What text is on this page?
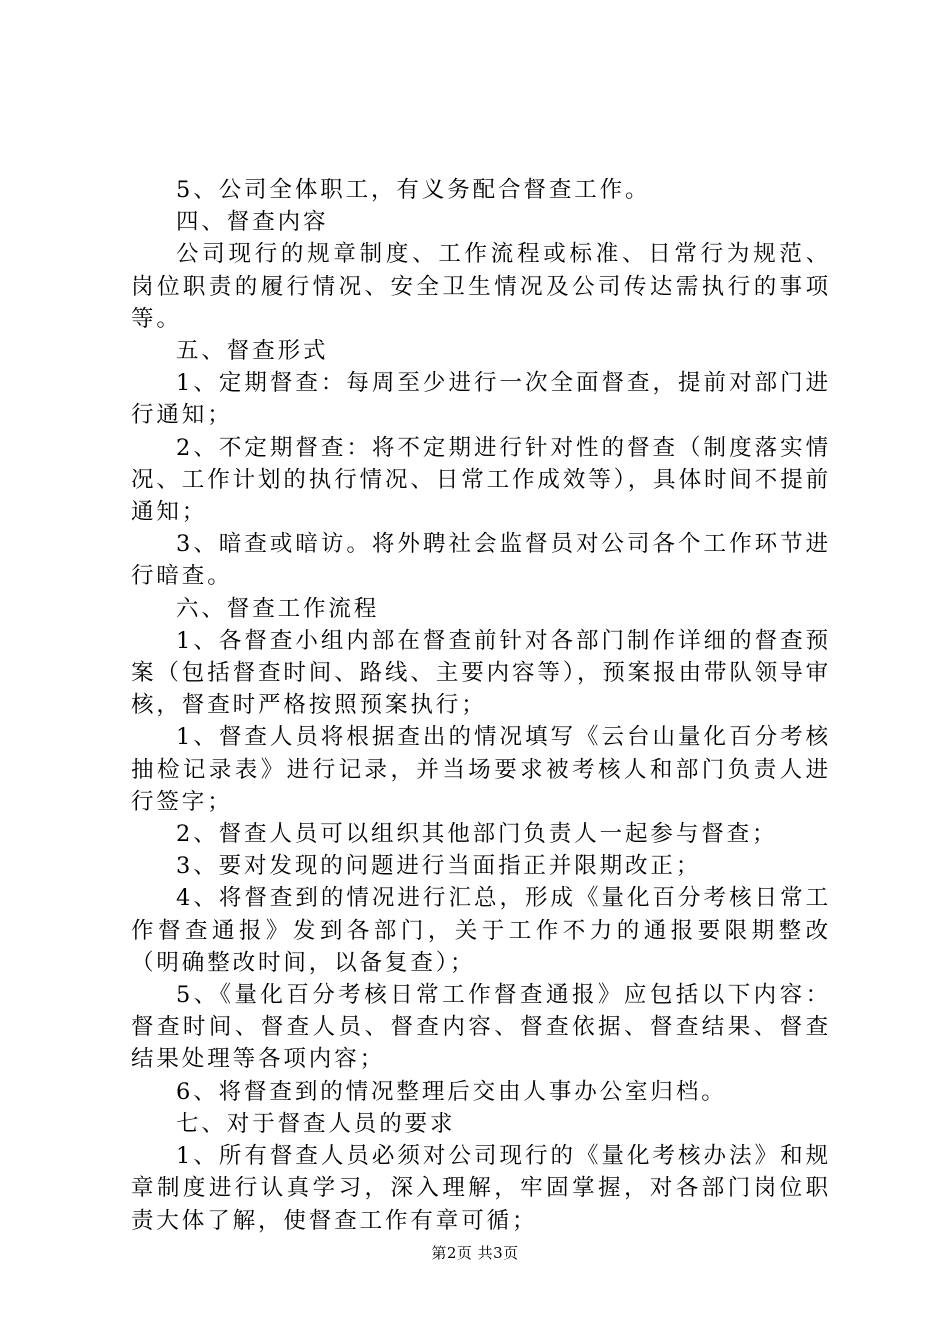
5、公司全体职工，有义务配合督查工作。

四、督查内容

公司现行的规章制度、工作流程或标准、日常行为规范、岗位职责的履行情况、安全卫生情况及公司传达需执行的事项等。

五、督查形式

1、定期督查：每周至少进行一次全面督查，提前对部门进行通知；

2、不定期督查：将不定期进行针对性的督查（制度落实情况、工作计划的执行情况、日常工作成效等），具体时间不提前通知；

3、暗查或暗访。将外聘社会监督员对公司各个工作环节进行暗查。

六、督查工作流程

1、各督查小组内部在督查前针对各部门制作详细的督查预案（包括督查时间、路线、主要内容等），预案报由带队领导审核，督查时严格按照预案执行；

1、督查人员将根据查出的情况填写《云台山量化百分考核抽检记录表》进行记录，并当场要求被考核人和部门负责人进行签字；

2、督查人员可以组织其他部门负责人一起参与督查；

3、要对发现的问题进行当面指正并限期改正；

4、将督查到的情况进行汇总，形成《量化百分考核日常工作督查通报》发到各部门，关于工作不力的通报要限期整改（明确整改时间，以备复查）；

5、《量化百分考核日常工作督查通报》应包括以下内容：督查时间、督查人员、督查内容、督查依据、督查结果、督查结果处理等各项内容；

6、将督查到的情况整理后交由人事办公室归档。

七、对于督查人员的要求

1、所有督查人员必须对公司现行的《量化考核办法》和规章制度进行认真学习，深入理解，牢固掌握，对各部门岗位职责大体了解，使督查工作有章可循；

第2页 共3页
